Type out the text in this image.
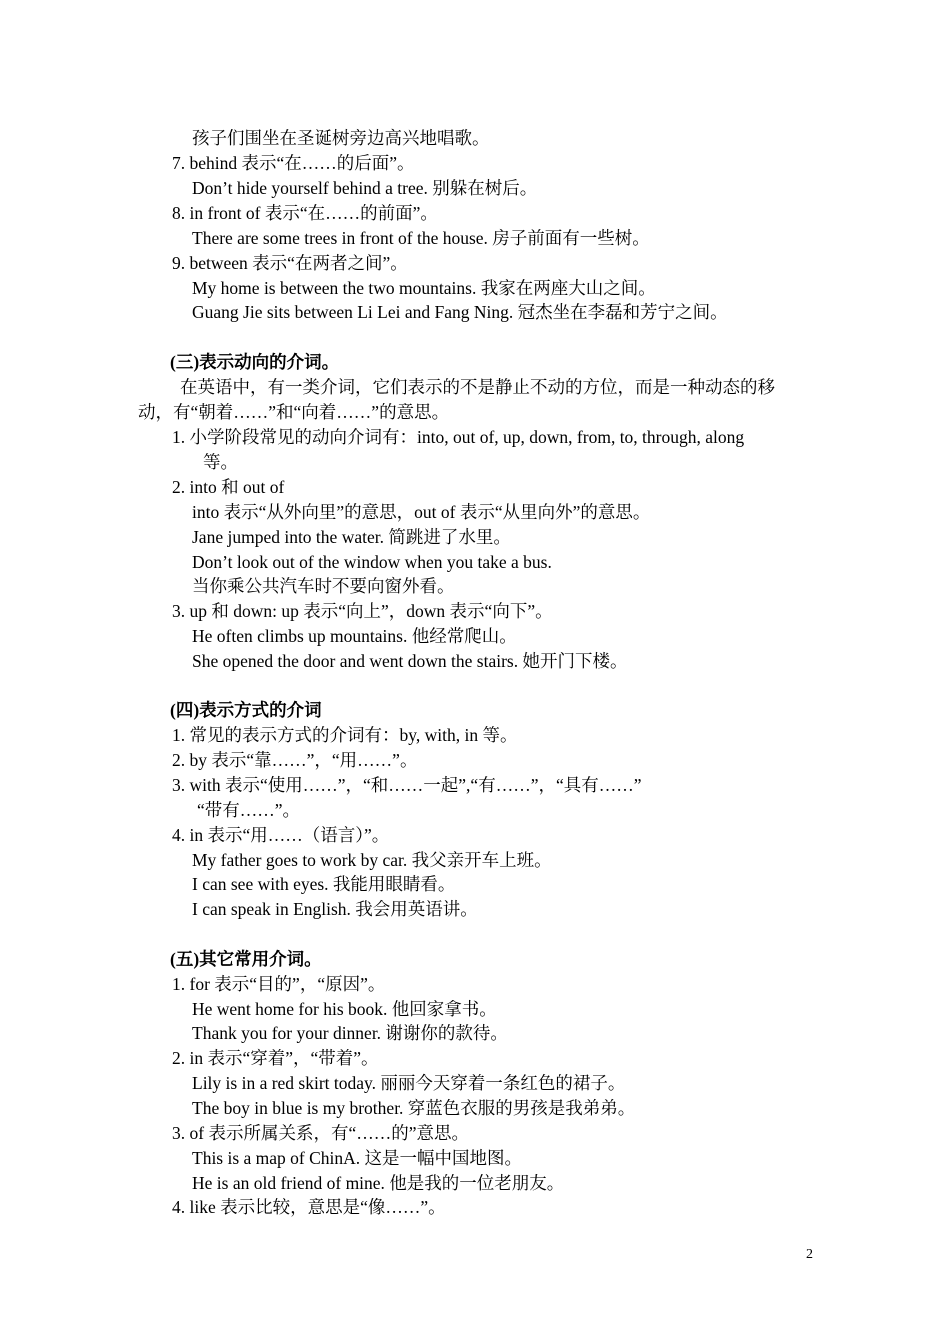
孩子们围坐在圣诞树旁边高兴地唱歌。
7. behind 表示“在……的后面”。
Don’t hide yourself behind a tree. 别躲在树后。
8. in front of 表示“在……的前面”。
There are some trees in front of the house. 房子前面有一些树。
9. between 表示“在两者之间”。
My home is between the two mountains. 我家在两座大山之间。
Guang Jie sits between Li Lei and Fang Ning. 冠杰坐在李磊和芳宁之间。
(三)表示动向的介词。
在英语中，有一类介词，它们表示的不是静止不动的方位，而是一种动态的移
动，有“朝着……”和“向着……”的意思。
1. 小学阶段常见的动向介词有：into, out of, up, down, from, to, through, along
等。
2. into 和 out of
into 表示“从外向里”的意思，out of 表示“从里向外”的意思。
Jane jumped into the water. 简跳进了水里。
Don’t look out of the window when you take a bus.
当你乘公共汽车时不要向窗外看。
3. up 和 down: up 表示“向上”，down 表示“向下”。
He often climbs up mountains. 他经常爬山。
She opened the door and went down the stairs. 她开门下楼。
(四)表示方式的介词
1. 常见的表示方式的介词有：by, with, in 等。
2. by 表示“靠……”，“用……”。
3. with 表示“使用……”，“和……一起”,“有……”，“具有……”
“带有……”。
4. in 表示“用……（语言）”。
My father goes to work by car. 我父亲开车上班。
I can see with eyes. 我能用眼睛看。
I can speak in English. 我会用英语讲。
(五)其它常用介词。
1. for 表示“目的”，“原因”。
He went home for his book. 他回家拿书。
Thank you for your dinner. 谢谢你的款待。
2. in 表示“穿着”，“带着”。
Lily is in a red skirt today. 丽丽今天穿着一条红色的裙子。
The boy in blue is my brother. 穿蓝色衣服的男孩是我弟弟。
3. of 表示所属关系，有“……的”意思。
This is a map of ChinA. 这是一幅中国地图。
He is an old friend of mine. 他是我的一位老朋友。
4. like 表示比较，意思是“像……”。
2
